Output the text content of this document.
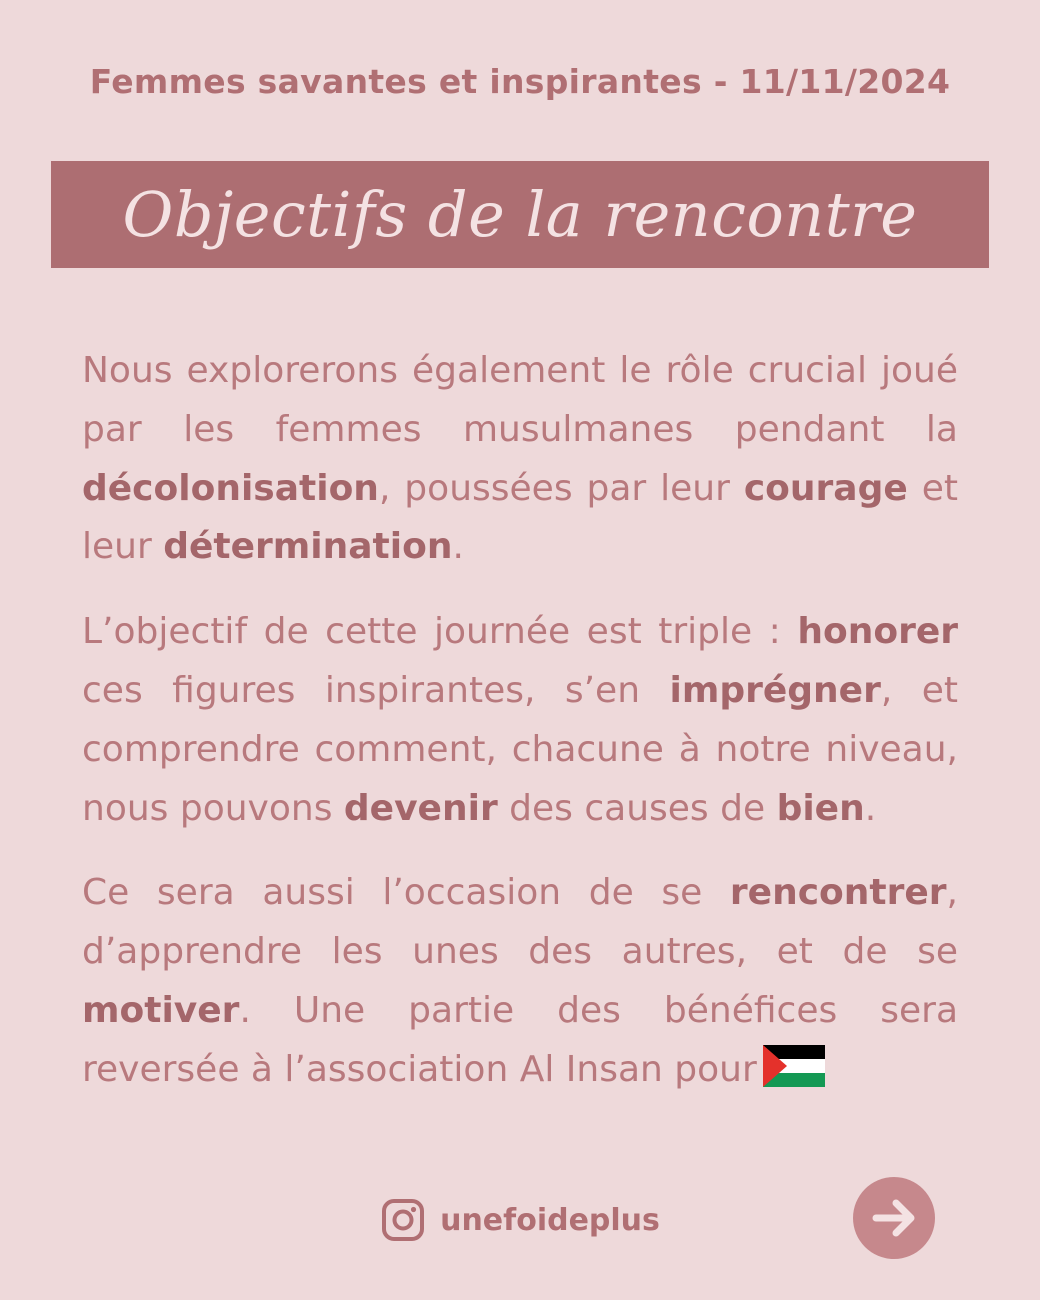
Femmes savantes et inspirantes - 11/11/2024
Objectifs de la rencontre

Nous explorerons également le rôle crucial joué par les femmes musulmanes pendant la décolonisation, poussées par leur courage et leur détermination.

L’objectif de cette journée est triple : honorer ces figures inspirantes, s’en imprégner, et comprendre comment, chacune à notre niveau, nous pouvons devenir des causes de bien.

Ce sera aussi l’occasion de se rencontrer, d’apprendre les unes des autres, et de se motiver. Une partie des bénéfices sera reversée à l’association Al Insan pour

unefoideplus
